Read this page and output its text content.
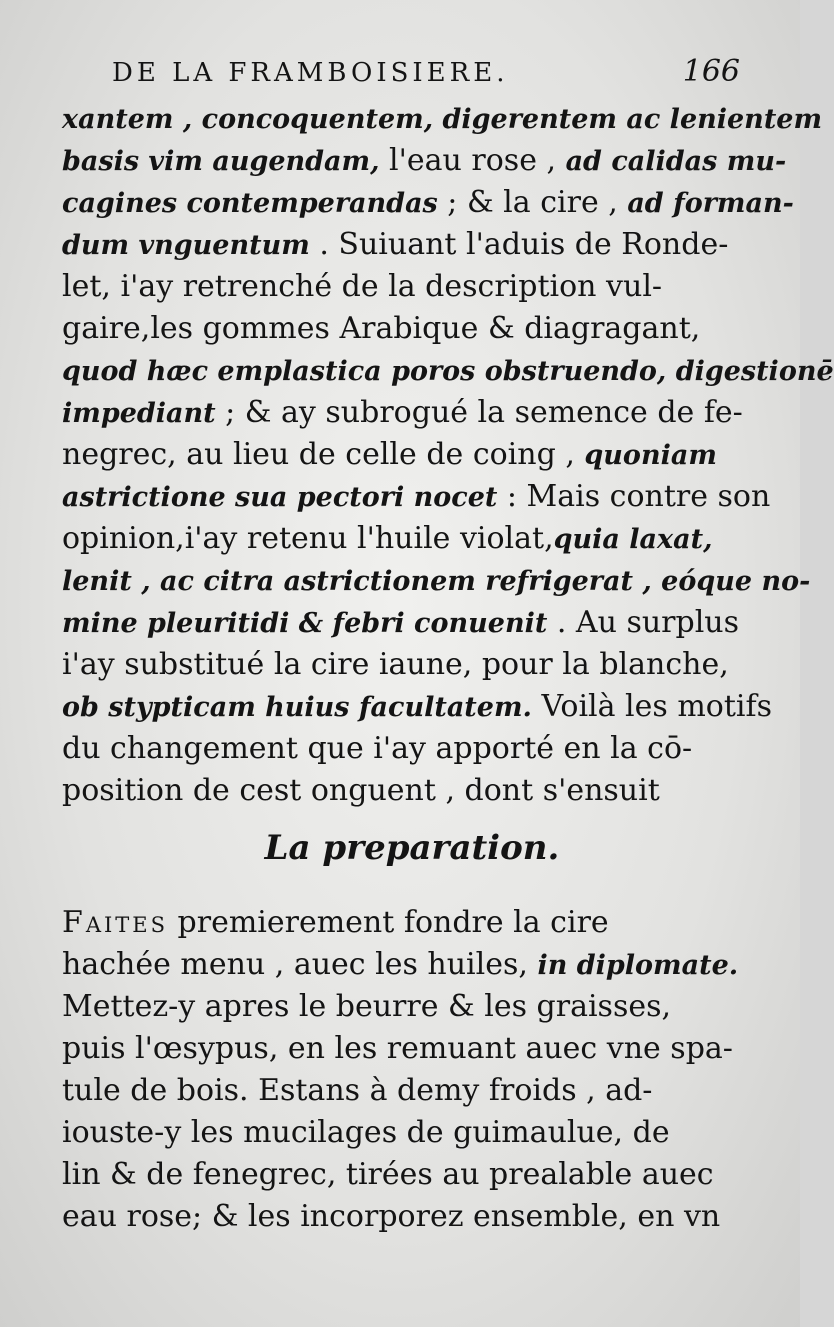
DE LA FRAMBOISIERE.	166
xantem , concoquentem, digerentem ac lenientem
basis vim augendam, l'eau rose , ad calidas mu-
cagines contemperandas ; & la cire , ad forman-
dum vnguentum . Suiuant l'aduis de Ronde-
let, i'ay retrenché de la description vul-
gaire,les gommes Arabique & diagragant,
quod hæc emplastica poros obstruendo, digestionē
impediant ; & ay subrogué la semence de fe-
negrec, au lieu de celle de coing , quoniam
astrictione sua pectori nocet : Mais contre son
opinion,i'ay retenu l'huile violat,quia laxat,
lenit , ac citra astrictionem refrigerat , eóque no-
mine pleuritidi & febri conuenit . Au surplus
i'ay substitué la cire iaune, pour la blanche,
ob stypticam huius facultatem. Voilà les motifs
du changement que i'ay apporté en la cō-
position de cest onguent , dont s'ensuit
La preparation.
Faites premierement fondre la cire
hachée menu , auec les huiles, in diplomate.
Mettez-y apres le beurre & les graisses,
puis l'œsypus, en les remuant auec vne spa-
tule de bois. Estans à demy froids , ad-
iouste-y les mucilages de guimaulue, de
lin & de fenegrec, tirées au prealable auec
eau rose; & les incorporez ensemble, en vn
